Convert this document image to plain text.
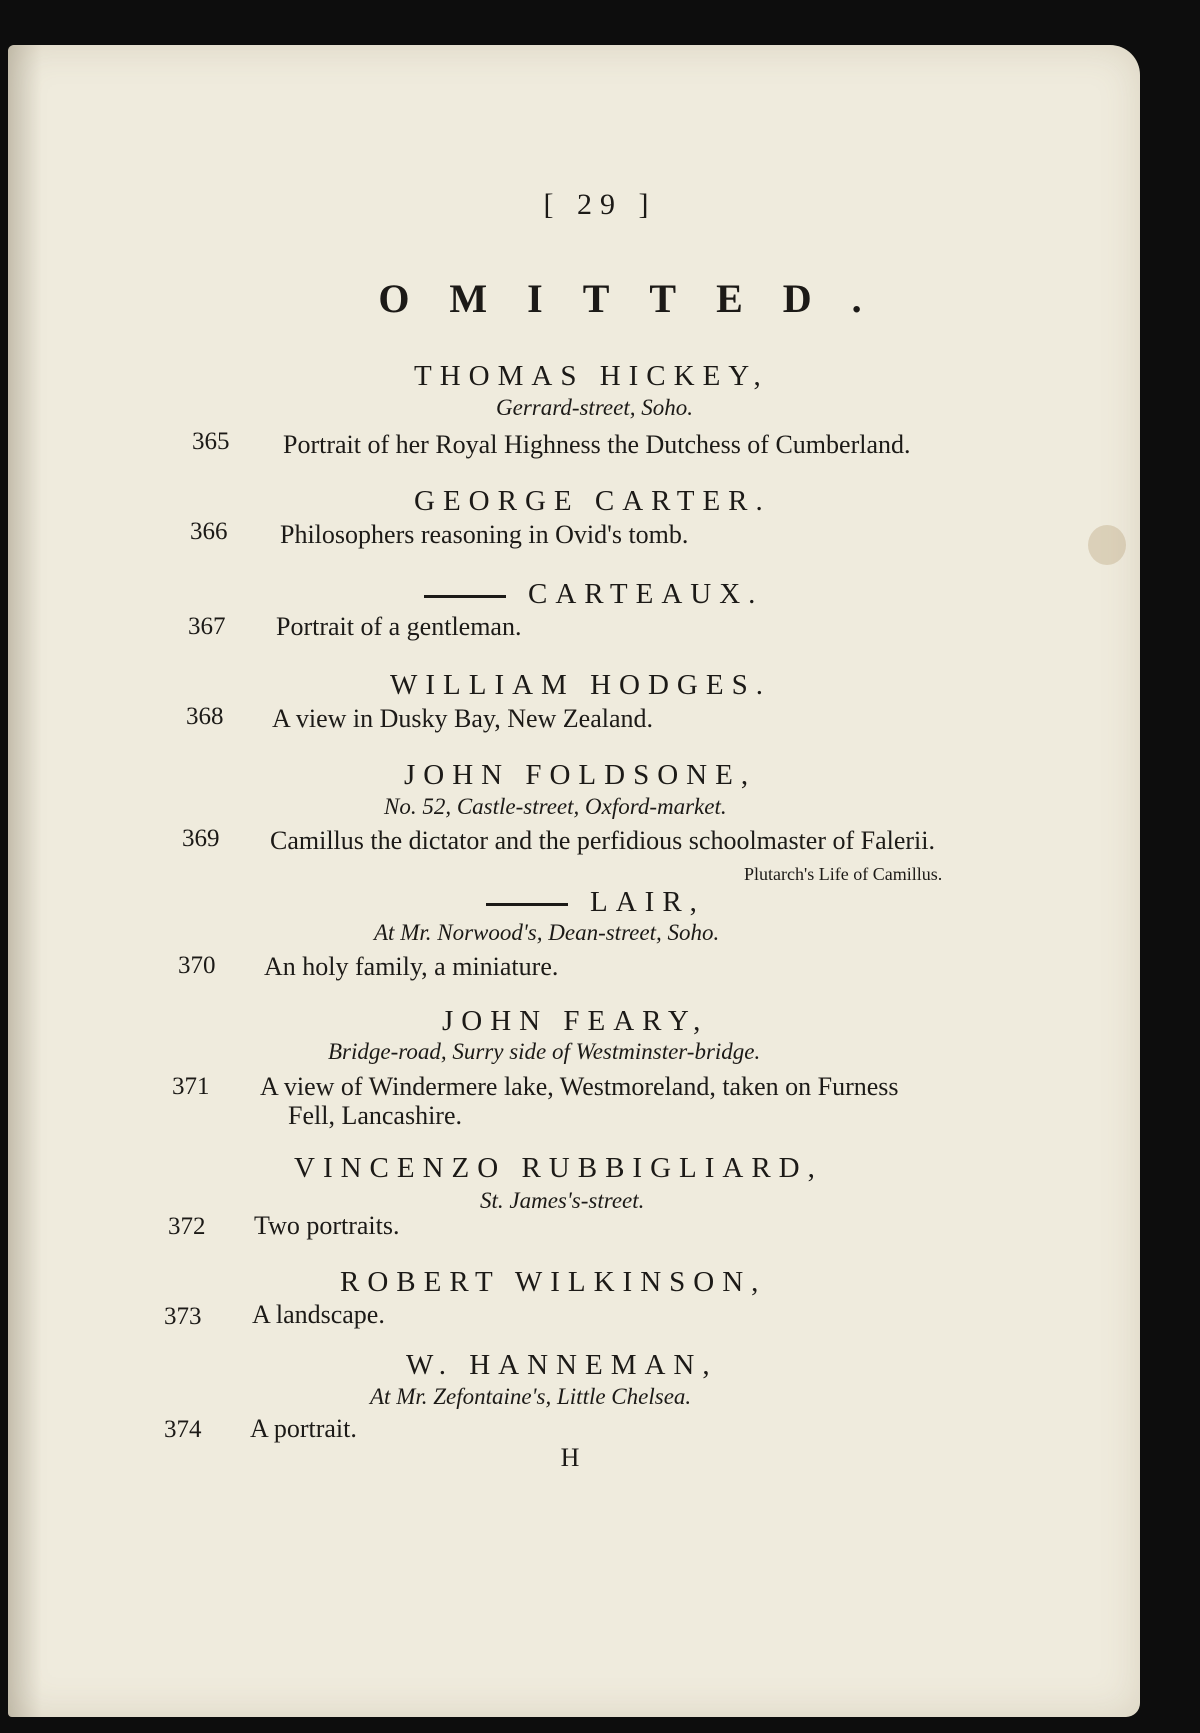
[ 29 ]
OMITTED.
THOMAS HICKEY,
Gerrard-street, Soho.
365 Portrait of her Royal Highness the Dutchess of Cumberland.
GEORGE CARTER.
366 Philosophers reasoning in Ovid's tomb.
CARTEAUX.
367 Portrait of a gentleman.
WILLIAM HODGES.
368 A view in Dusky Bay, New Zealand.
JOHN FOLDSONE,
No. 52, Castle-street, Oxford-market.
369 Camillus the dictator and the perfidious schoolmaster of Falerii.
Plutarch's Life of Camillus.
LAIR,
At Mr. Norwood's, Dean-street, Soho.
370 An holy family, a miniature.
JOHN FEARY,
Bridge-road, Surry side of Westminster-bridge.
371 A view of Windermere lake, Westmoreland, taken on Furness
Fell, Lancashire.
VINCENZO RUBBIGLIARD,
St. James's-street.
372 Two portraits.
ROBERT WILKINSON,
373 A landscape.
W. HANNEMAN,
At Mr. Zefontaine's, Little Chelsea.
374 A portrait.
H
